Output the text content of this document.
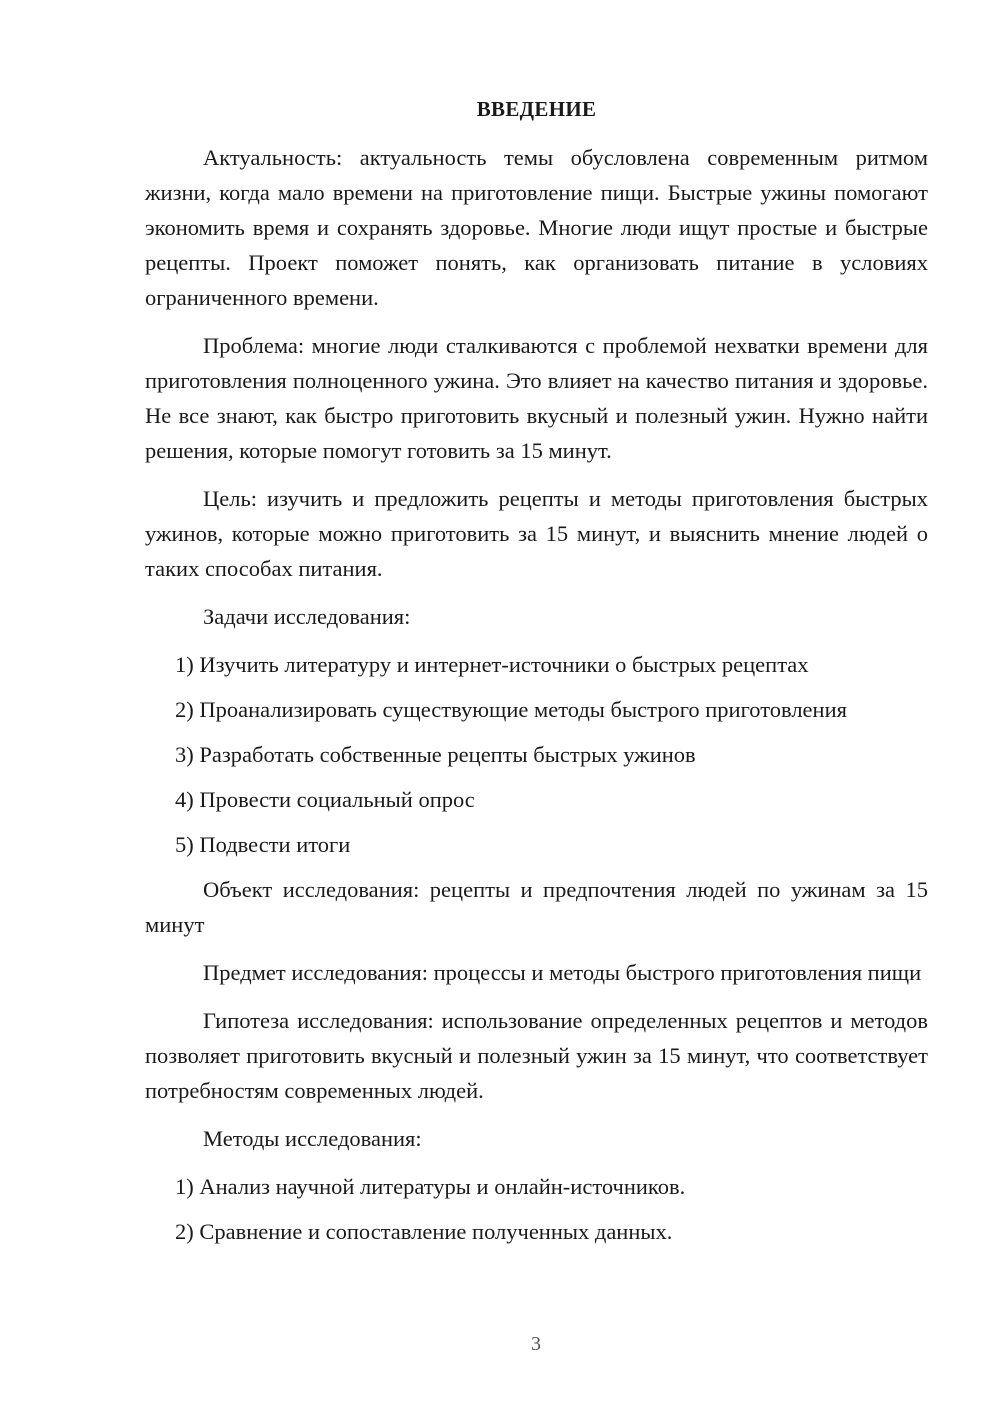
ВВЕДЕНИЕ
Актуальность: актуальность темы обусловлена современным ритмом жизни, когда мало времени на приготовление пищи. Быстрые ужины помогают экономить время и сохранять здоровье. Многие люди ищут простые и быстрые рецепты. Проект поможет понять, как организовать питание в условиях ограниченного времени.
Проблема: многие люди сталкиваются с проблемой нехватки времени для приготовления полноценного ужина. Это влияет на качество питания и здоровье. Не все знают, как быстро приготовить вкусный и полезный ужин. Нужно найти решения, которые помогут готовить за 15 минут.
Цель: изучить и предложить рецепты и методы приготовления быстрых ужинов, которые можно приготовить за 15 минут, и выяснить мнение людей о таких способах питания.
Задачи исследования:
1) Изучить литературу и интернет-источники о быстрых рецептах
2) Проанализировать существующие методы быстрого приготовления
3) Разработать собственные рецепты быстрых ужинов
4) Провести социальный опрос
5) Подвести итоги
Объект исследования: рецепты и предпочтения людей по ужинам за 15 минут
Предмет исследования: процессы и методы быстрого приготовления пищи
Гипотеза исследования: использование определенных рецептов и методов позволяет приготовить вкусный и полезный ужин за 15 минут, что соответствует потребностям современных людей.
Методы исследования:
1) Анализ научной литературы и онлайн-источников.
2) Сравнение и сопоставление полученных данных.
3
